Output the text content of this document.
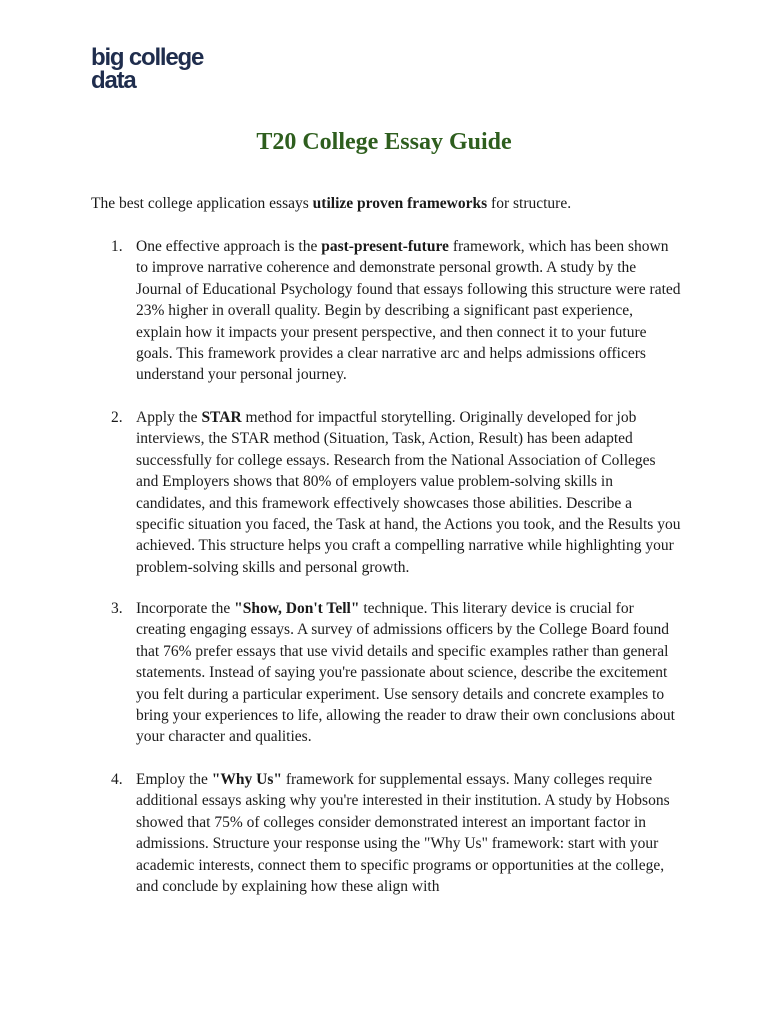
big college
data
T20 College Essay Guide

The best college application essays utilize proven frameworks for structure.

1. One effective approach is the past-present-future framework, which has been shown to improve narrative coherence and demonstrate personal growth. A study by the Journal of Educational Psychology found that essays following this structure were rated 23% higher in overall quality. Begin by describing a significant past experience, explain how it impacts your present perspective, and then connect it to your future goals. This framework provides a clear narrative arc and helps admissions officers understand your personal journey.
2. Apply the STAR method for impactful storytelling. Originally developed for job interviews, the STAR method (Situation, Task, Action, Result) has been adapted successfully for college essays. Research from the National Association of Colleges and Employers shows that 80% of employers value problem-solving skills in candidates, and this framework effectively showcases those abilities. Describe a specific situation you faced, the Task at hand, the Actions you took, and the Results you achieved. This structure helps you craft a compelling narrative while highlighting your problem-solving skills and personal growth.
3. Incorporate the "Show, Don't Tell" technique. This literary device is crucial for creating engaging essays. A survey of admissions officers by the College Board found that 76% prefer essays that use vivid details and specific examples rather than general statements. Instead of saying you're passionate about science, describe the excitement you felt during a particular experiment. Use sensory details and concrete examples to bring your experiences to life, allowing the reader to draw their own conclusions about your character and qualities.
4. Employ the "Why Us" framework for supplemental essays. Many colleges require additional essays asking why you're interested in their institution. A study by Hobsons showed that 75% of colleges consider demonstrated interest an important factor in admissions. Structure your response using the "Why Us" framework: start with your academic interests, connect them to specific programs or opportunities at the college, and conclude by explaining how these align with
